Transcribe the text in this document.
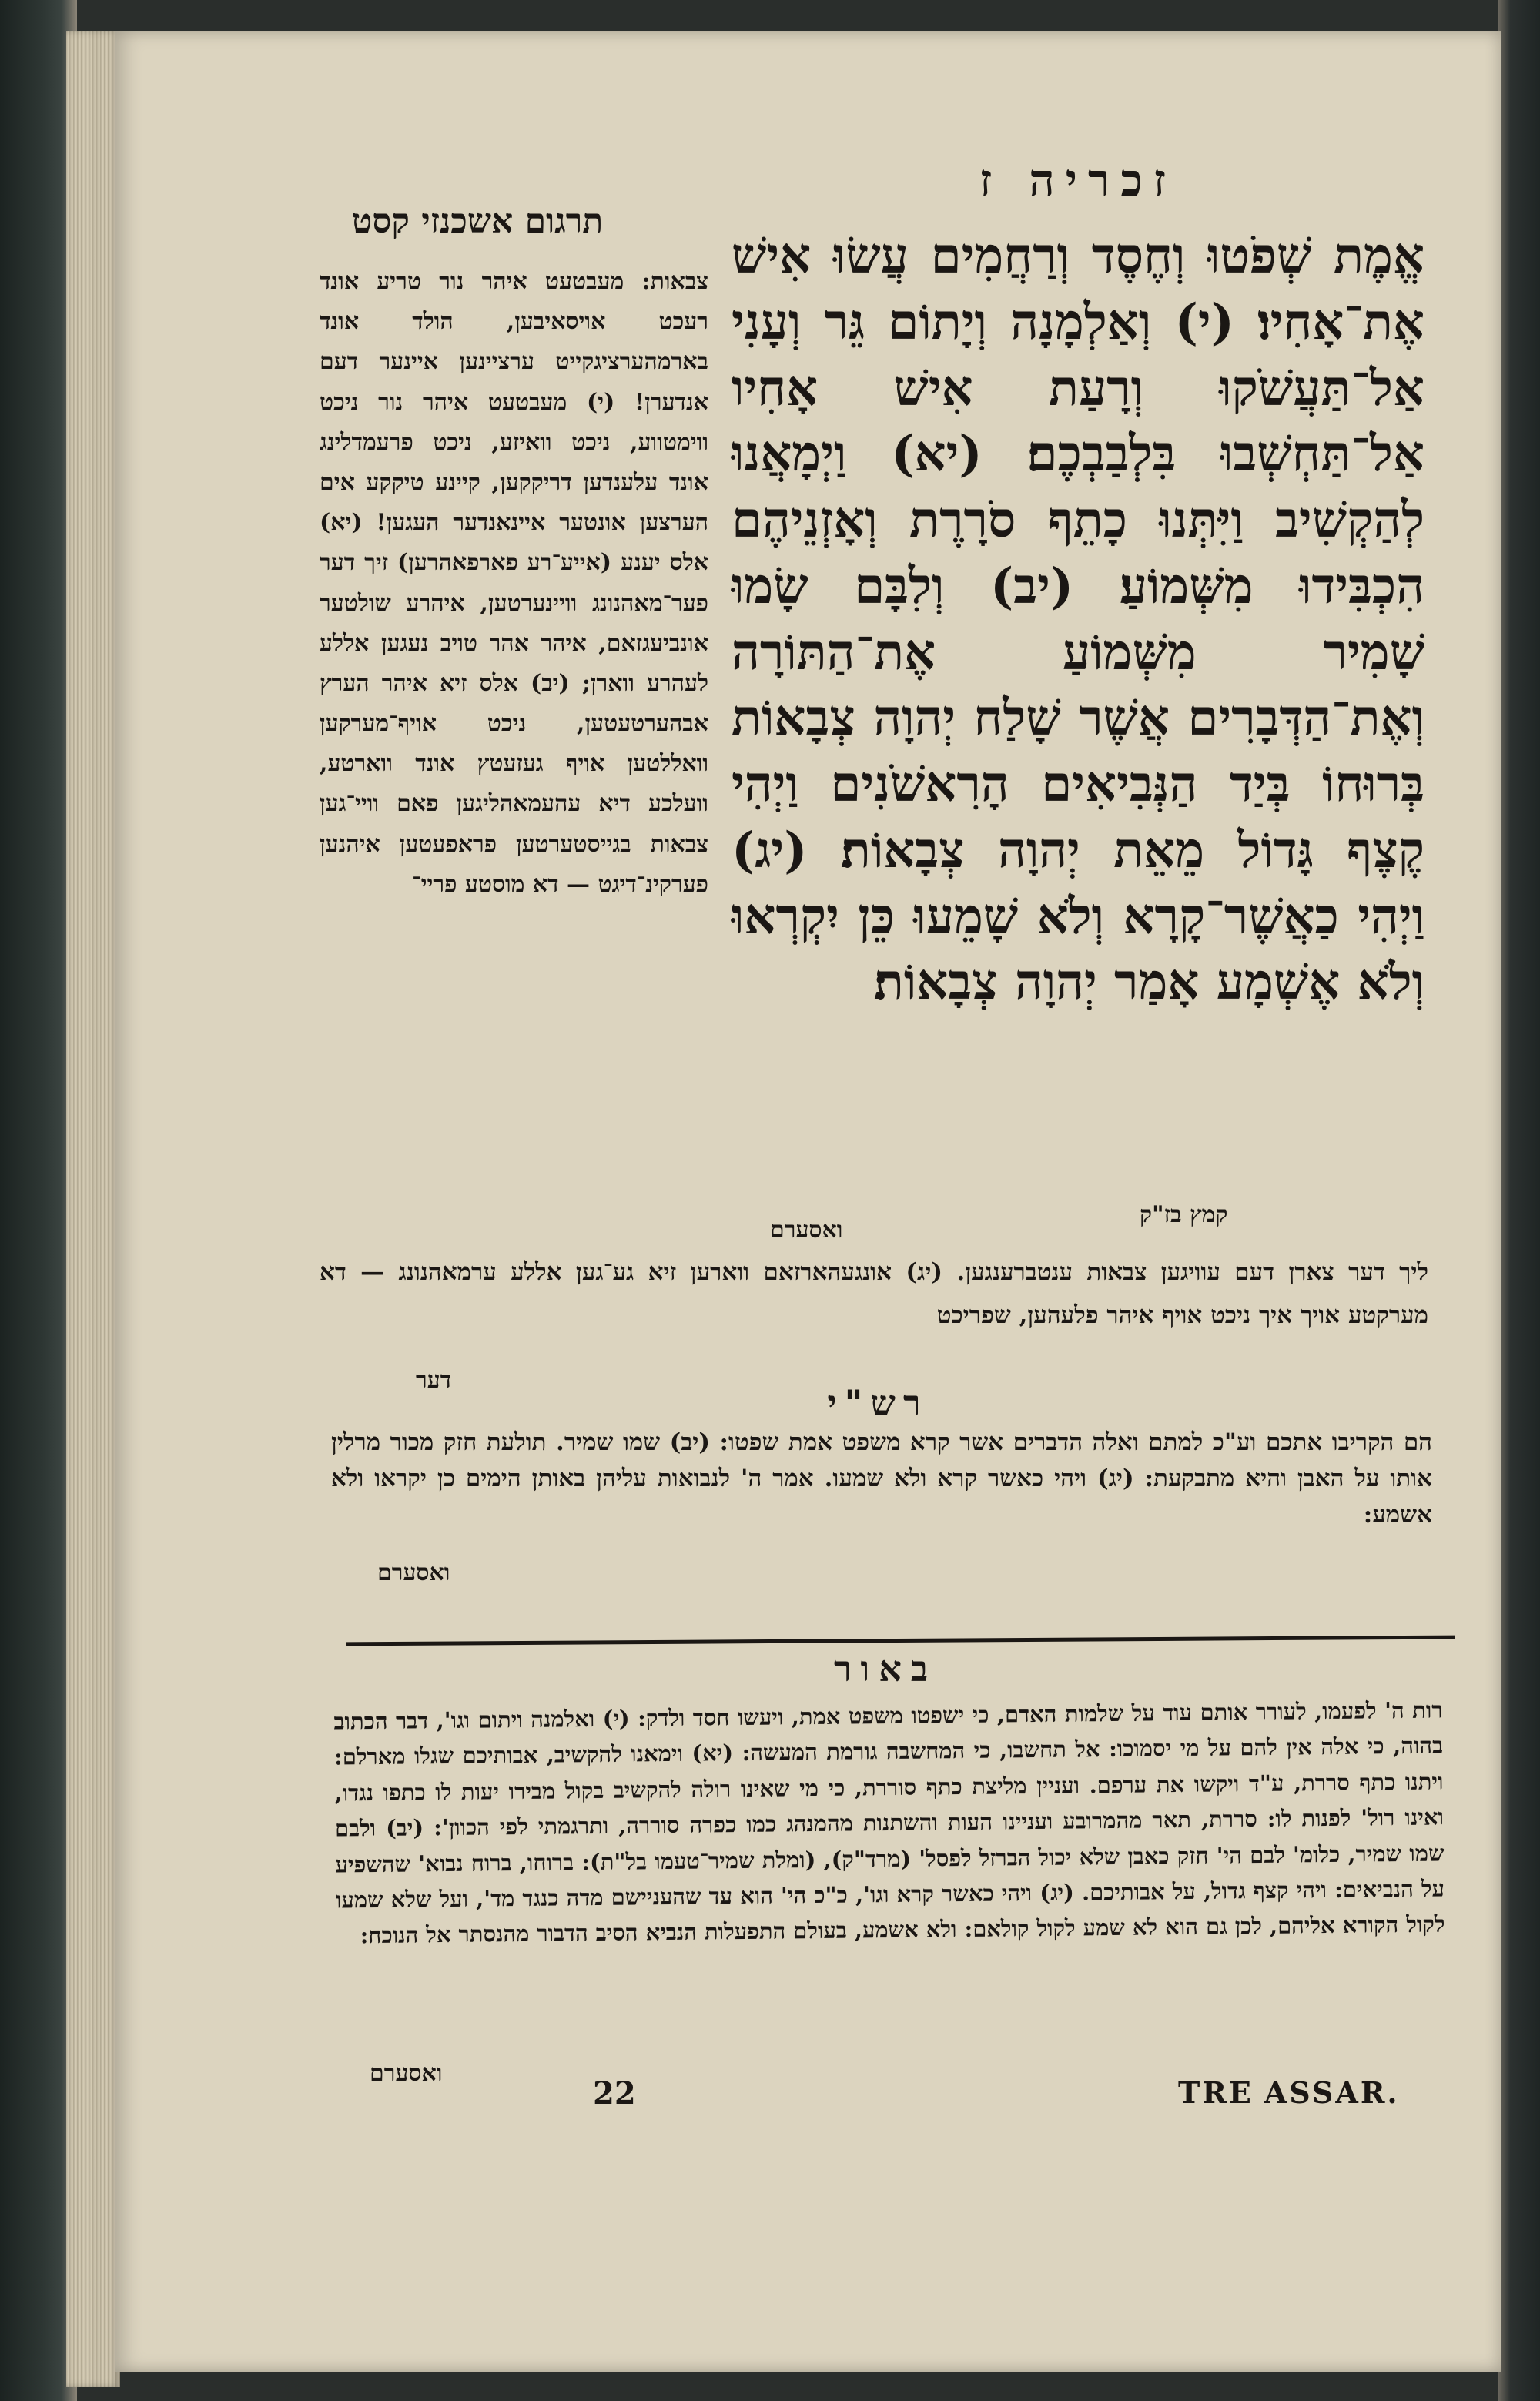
זכריה ז
תרגום אשכנזי קסט
אֱמֶת שְׁפֹטוּ וְחֶסֶד וְרַחֲמִים עֲשׂוּ אִישׁ אֶת־אָחִיו׃ (י) וְאַלְמָנָה וְיָתוֹם גֵּר וְעָנִי אַל־תַּעֲשֹׁקוּ וְרָעַת אִישׁ אָחִיו אַל־תַּחְשְׁבוּ בִּלְבַבְכֶם׃ (יא) וַיְמָאֲנוּ לְהַקְשִׁיב וַיִּתְּנוּ כָתֵף סֹרָרֶת וְאָזְנֵיהֶם הִכְבִּידוּ מִשְּׁמוֹעַ׃ (יב) וְלִבָּם שָׂמוּ שָׁמִיר מִשְּׁמוֹעַ אֶת־הַתּוֹרָה וְאֶת־הַדְּבָרִים אֲשֶׁר שָׁלַח יְהוָה צְבָאוֹת בְּרוּחוֹ בְּיַד הַנְּבִיאִים הָרִאשֹׁנִים וַיְהִי קֶצֶף גָּדוֹל מֵאֵת יְהוָה צְבָאוֹת׃ (יג) וַיְהִי כַאֲשֶׁר־קָרָא וְלֹא שָׁמֵעוּ כֵּן יִקְרְאוּ וְלֹא אֶשְׁמָע אָמַר יְהוָה צְבָאוֹת׃
צבאות: מעבטעט איהר נור טריע אונד רעכט אויסאיבען, הולד אונד בארמהערציגקייט ערציינען איינער דעם אנדערן! (י) מעבטעט איהר נור ניכט ווימטווע, ניכט וואיזע, ניכט פרעמדלינג אונד עלענדען דריקקען, קיינע טיקקע אים הערצען אונטער איינאנדער העגען! (יא) אלס יענע (אייע־רע פארפאהרען) זיך דער פער־מאהנונג וויינערטען, איהרע שולטער אונביעגזאם, איהר אהר טויב נעגען אללע לעהרע ווארן; (יב) אלס זיא איהר הערץ אבהערטעטען, ניכט אויף־מערקען וואללטען אויף געזעטץ אונד ווארטע, וועלכע דיא עהעמאהליגען פאם וויי־גען צבאות בגייסטערטען פראפעטען איהנען פערקינ־דיגט — דא מוסטע פריי־
קמץ בז"ק
ואסערם
ליך דער צארן דעם עוויגען צבאות ענטברענגען. (יג) אונגעהארזאם ווארען זיא גע־גען אללע ערמאהנונג — דא מערקטע אויך איך ניכט אויף איהר פלעהען, שפריכט
דער
רש"י
הם הקריבו אתכם וע"כ למתם ואלה הדברים אשר קרא משפט אמת שפטו: (יב) שמו שמיר. תולעת חזק מכור מרלין אותו על האבן והיא מתבקעת: (יג) ויהי כאשר קרא ולא שמעו. אמר ה' לנבואות עליהן באותן הימים כן יקראו ולא אשמע:
ואסערם
באור
רות ה' לפעמו, לעורר אותם עוד על שלמות האדם, כי ישפטו משפט אמת, ויעשו חסד ולדק: (י) ואלמנה ויתום וגו', דבר הכתוב בהוה, כי אלה אין להם על מי יסמוכו: אל תחשבו, כי המחשבה גורמת המעשה: (יא) וימאנו להקשיב, אבותיכם שגלו מארלם: ויתנו כתף סררת, ע"ד ויקשו את ערפם. ועניין מליצת כתף סוררת, כי מי שאינו רולה להקשיב בקול מבירו יעות לו כתפו נגדו, ואינו רול' לפנות לו: סררת, תאר מהמרובע ועניינו העות והשתנות מהמנהג כמו כפרה סוררה, ותרגמתי לפי הכוון': (יב) ולבם שמו שמיר, כלומ' לבם הי' חזק כאבן שלא יכול הברזל לפסל' (מרד"ק), (ומלת שמיר־טעמו בל"ת): ברוחו, ברוח נבוא' שהשפיע על הנביאים: ויהי קצף גדול, על אבותיכם. (יג) ויהי כאשר קרא וגו', כ"כ הי' הוא עד שהעניישם מדה כנגד מד', ועל שלא שמעו לקול הקורא אליהם, לכן גם הוא לא שמע לקול קולאם: ולא אשמע, בעולם התפעלות הנביא הסיב הדבור מהנסתר אל הנוכח:
ואסערם
22	TRE ASSAR.
